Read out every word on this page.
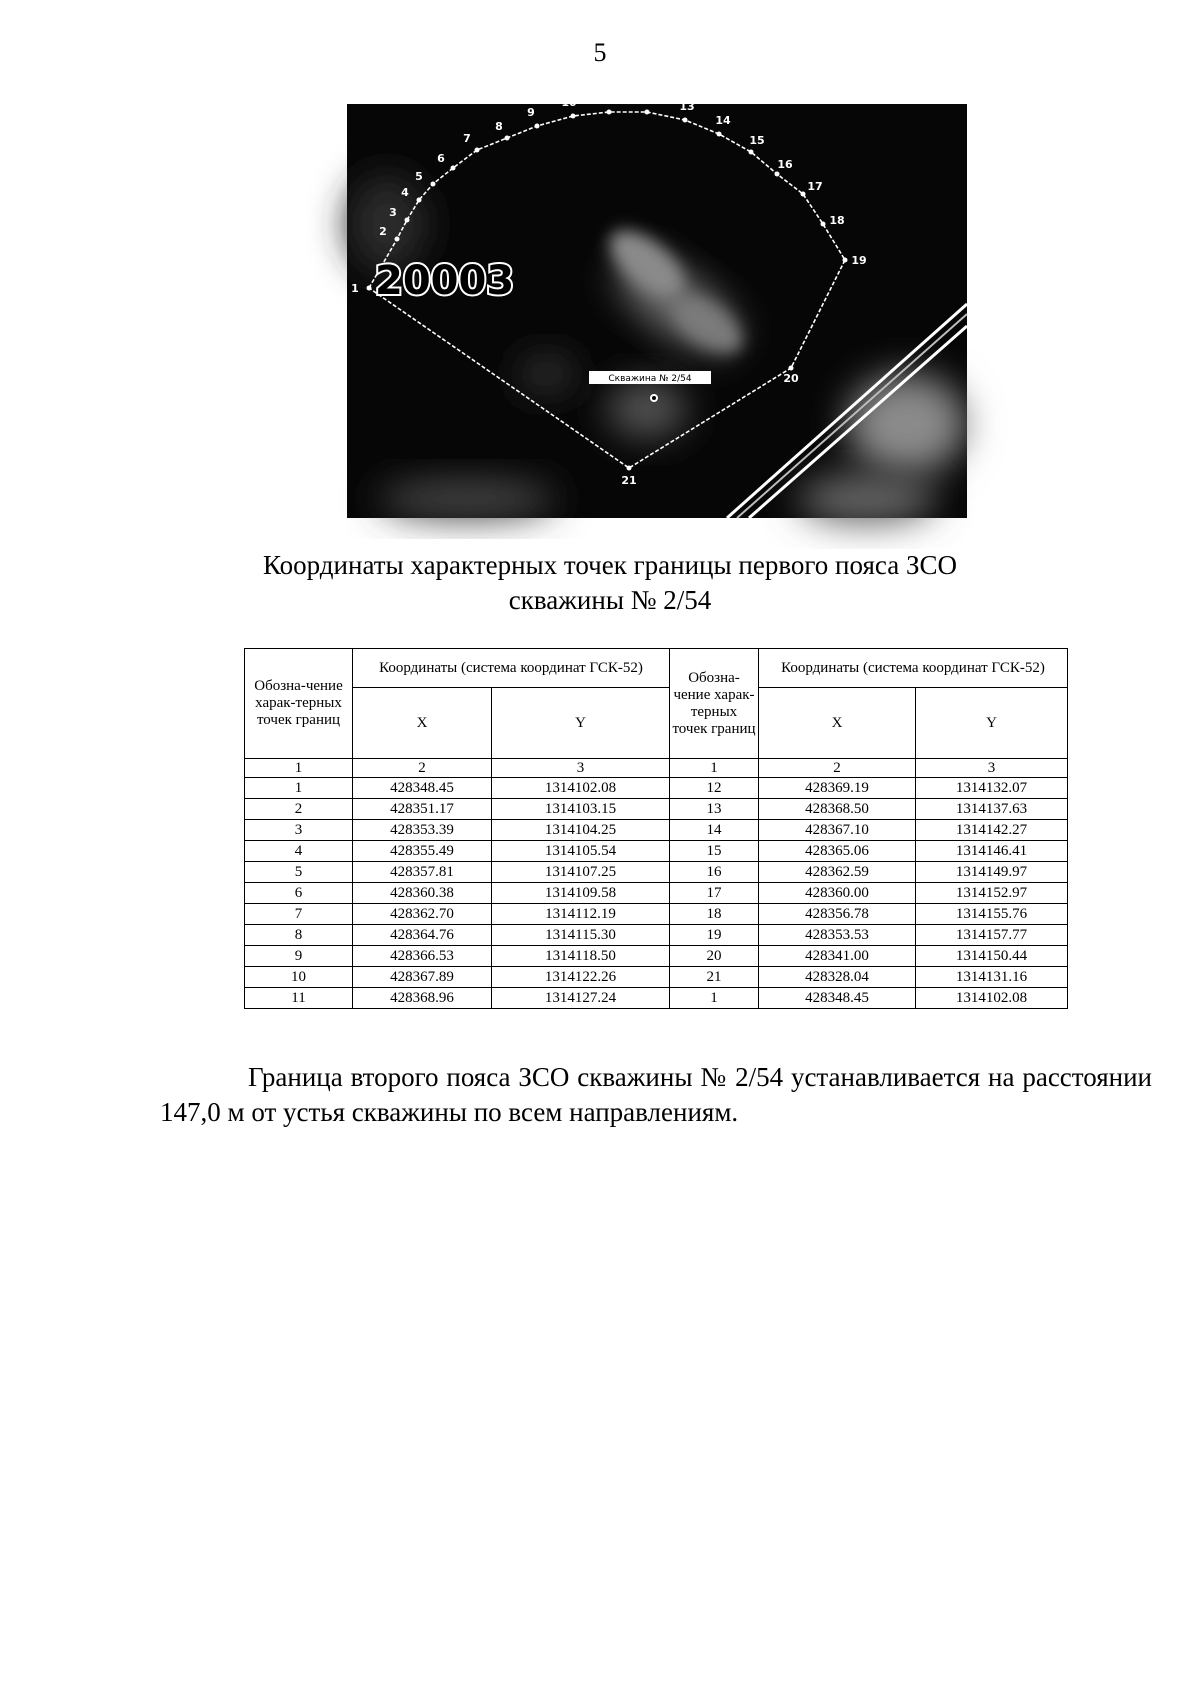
5
1
2
3
4
5
6
7
8
9
10 11 12
13
14
15
16
17
18
19
20
21
20003
Скважина № 2/54
Координаты характерных точек границы первого пояса ЗСО
скважины № 2/54
Обозна-чение харак-терных точек границ	Координаты (система координат ГСК-52)		Обозна-чение харак-терных точек границ	Координаты (система координат ГСК-52)	
	X	Y		X	Y
1	2	3	1	2	3
1	428348.45	1314102.08	12	428369.19	1314132.07
2	428351.17	1314103.15	13	428368.50	1314137.63
3	428353.39	1314104.25	14	428367.10	1314142.27
4	428355.49	1314105.54	15	428365.06	1314146.41
5	428357.81	1314107.25	16	428362.59	1314149.97
6	428360.38	1314109.58	17	428360.00	1314152.97
7	428362.70	1314112.19	18	428356.78	1314155.76
8	428364.76	1314115.30	19	428353.53	1314157.77
9	428366.53	1314118.50	20	428341.00	1314150.44
10	428367.89	1314122.26	21	428328.04	1314131.16
11	428368.96	1314127.24	1	428348.45	1314102.08
Граница второго пояса ЗСО скважины № 2/54 устанавливается на расстоянии 147,0 м от устья скважины по всем направлениям.
